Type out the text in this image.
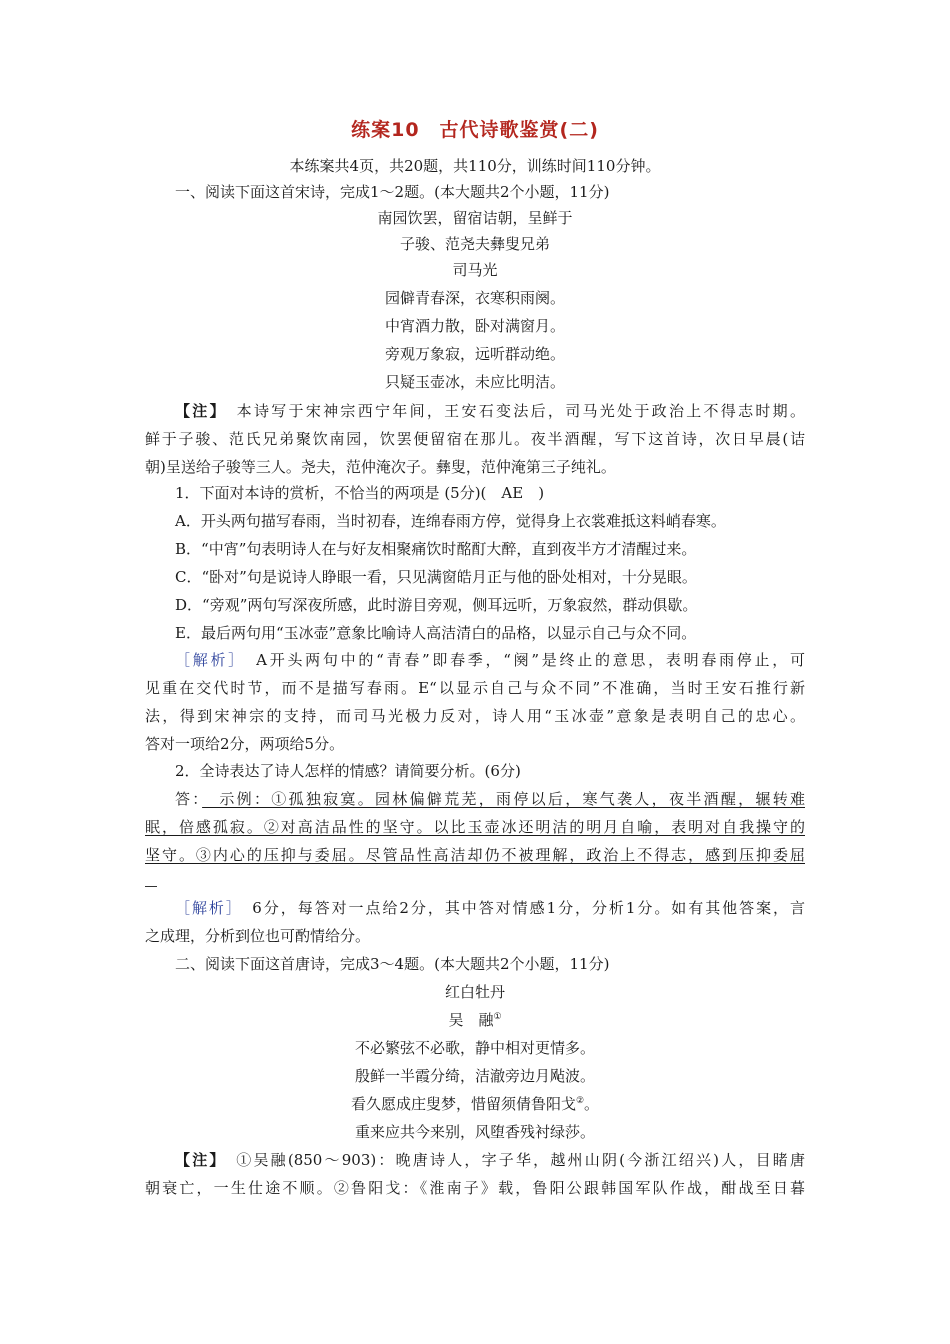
练案10　古代诗歌鉴赏(二)
本练案共4页，共20题，共110分，训练时间110分钟。
一、阅读下面这首宋诗，完成1～2题。(本大题共2个小题，11分)
南园饮罢，留宿诘朝，呈鲜于
子骏、范尧夫彝叟兄弟
司马光
园僻青春深，衣寒积雨阕。
中宵酒力散，卧对满窗月。
旁观万象寂，远听群动绝。
只疑玉壶冰，未应比明洁。
【注】　本诗写于宋神宗西宁年间，王安石变法后，司马光处于政治上不得志时期。
鲜于子骏、范氏兄弟聚饮南园，饮罢便留宿在那儿。夜半酒醒，写下这首诗，次日早晨(诘
朝)呈送给子骏等三人。尧夫，范仲淹次子。彝叟，范仲淹第三子纯礼。
1．下面对本诗的赏析，不恰当的两项是 (5分)(　AE　)
A．开头两句描写春雨，当时初春，连绵春雨方停，觉得身上衣裳难抵这料峭春寒。
B．“中宵”句表明诗人在与好友相聚痛饮时酩酊大醉，直到夜半方才清醒过来。
C．“卧对”句是说诗人睁眼一看，只见满窗皓月正与他的卧处相对，十分晃眼。
D．“旁观”两句写深夜所感，此时游目旁观，侧耳远听，万象寂然，群动俱歇。
E．最后两句用“玉冰壶”意象比喻诗人高洁清白的品格，以显示自己与众不同。
［解析］　A开头两句中的“青春”即春季，“阕”是终止的意思，表明春雨停止，可
见重在交代时节，而不是描写春雨。E“以显示自己与众不同”不准确，当时王安石推行新
法，得到宋神宗的支持，而司马光极力反对，诗人用“玉冰壶”意象是表明自己的忠心。
答对一项给2分，两项给5分。
2．全诗表达了诗人怎样的情感？请简要分析。(6分)
答：　示例：①孤独寂寞。园林偏僻荒芜，雨停以后，寒气袭人，夜半酒醒，辗转难
眠，倍感孤寂。②对高洁品性的坚守。以比玉壶冰还明洁的明月自喻，表明对自我操守的
坚守。③内心的压抑与委屈。尽管品性高洁却仍不被理解，政治上不得志，感到压抑委屈
［解析］　6分，每答对一点给2分，其中答对情感1分，分析1分。如有其他答案，言
之成理，分析到位也可酌情给分。
二、阅读下面这首唐诗，完成3～4题。(本大题共2个小题，11分)
红白牡丹
吴　融①
不必繁弦不必歌，静中相对更情多。
殷鲜一半霞分绮，洁澈旁边月飐波。
看久愿成庄叟梦，惜留须倩鲁阳戈②。
重来应共今来别，风堕香残衬绿莎。
【注】　①吴融(850～903)：晚唐诗人，字子华，越州山阴(今浙江绍兴)人，目睹唐
朝衰亡，一生仕途不顺。②鲁阳戈：《淮南子》载，鲁阳公跟韩国军队作战，酣战至日暮
